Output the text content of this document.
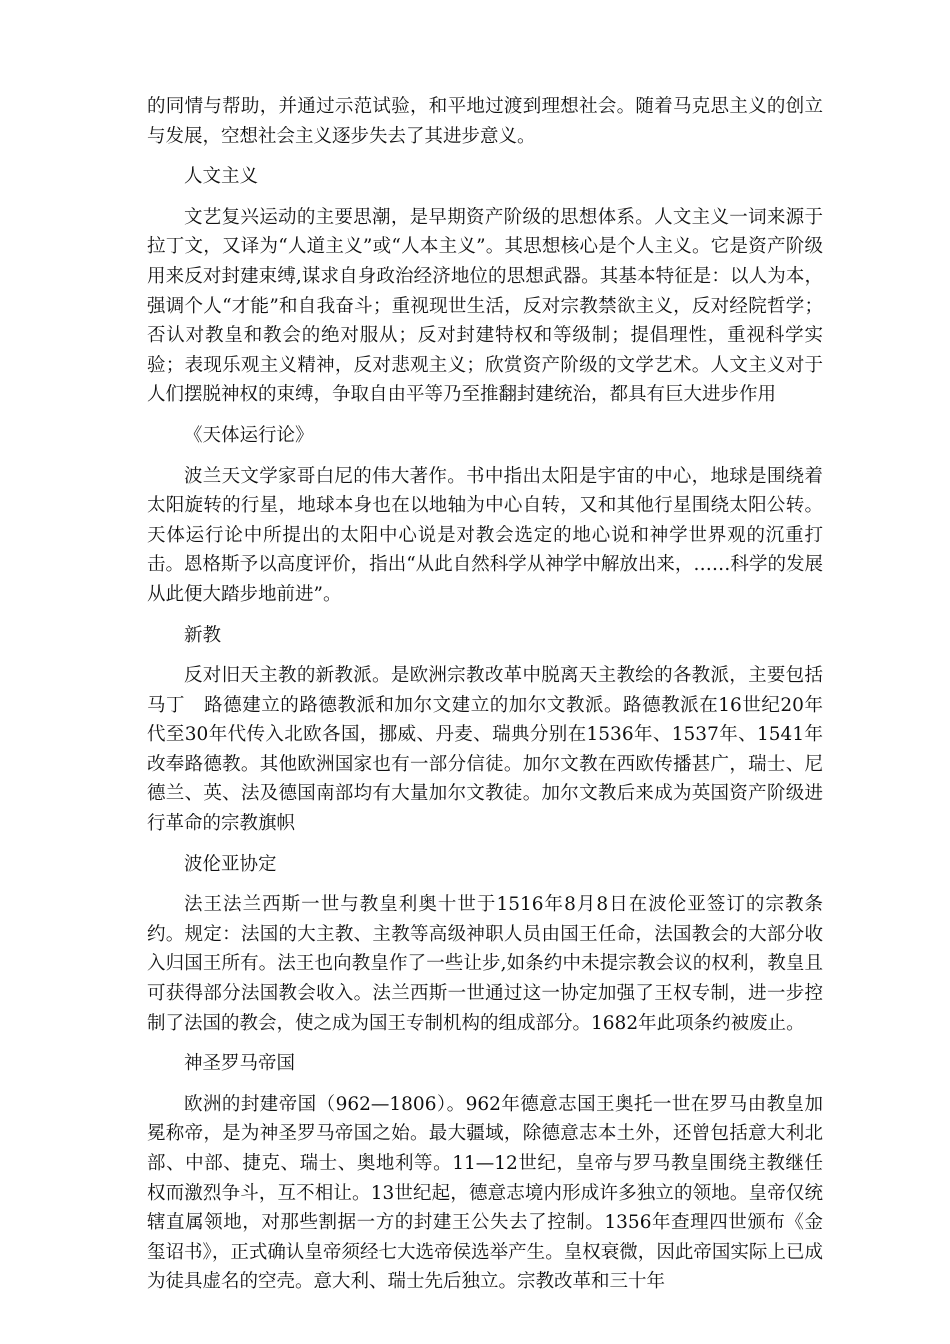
的同情与帮助，并通过示范试验，和平地过渡到理想社会。随着马克思主义的创立与发展，空想社会主义逐步失去了其进步意义。

人文主义

文艺复兴运动的主要思潮，是早期资产阶级的思想体系。人文主义一词来源于拉丁文，又译为“人道主义”或“人本主义”。其思想核心是个人主义。它是资产阶级用来反对封建束缚,谋求自身政治经济地位的思想武器。其基本特征是：以人为本，强调个人“才能”和自我奋斗；重视现世生活，反对宗教禁欲主义，反对经院哲学；否认对教皇和教会的绝对服从；反对封建特权和等级制；提倡理性，重视科学实验；表现乐观主义精神，反对悲观主义；欣赏资产阶级的文学艺术。人文主义对于人们摆脱神权的束缚，争取自由平等乃至推翻封建统治，都具有巨大进步作用

《天体运行论》

波兰天文学家哥白尼的伟大著作。书中指出太阳是宇宙的中心，地球是围绕着太阳旋转的行星，地球本身也在以地轴为中心自转，又和其他行星围绕太阳公转。天体运行论中所提出的太阳中心说是对教会选定的地心说和神学世界观的沉重打击。恩格斯予以高度评价，指出“从此自然科学从神学中解放出来，……科学的发展从此便大踏步地前进”。

新教

反对旧天主教的新教派。是欧洲宗教改革中脱离天主教绘的各教派，主要包括马丁　路德建立的路德教派和加尔文建立的加尔文教派。路德教派在16世纪20年代至30年代传入北欧各国，挪威、丹麦、瑞典分别在1536年、1537年、1541年改奉路德教。其他欧洲国家也有一部分信徒。加尔文教在西欧传播甚广，瑞士、尼德兰、英、法及德国南部均有大量加尔文教徒。加尔文教后来成为英国资产阶级进行革命的宗教旗帜

波伦亚协定

法王法兰西斯一世与教皇利奥十世于1516年8月8日在波伦亚签订的宗教条约。规定：法国的大主教、主教等高级神职人员由国王任命，法国教会的大部分收入归国王所有。法王也向教皇作了一些让步,如条约中未提宗教会议的权利，教皇且可获得部分法国教会收入。法兰西斯一世通过这一协定加强了王权专制，进一步控制了法国的教会，使之成为国王专制机构的组成部分。1682年此项条约被废止。

神圣罗马帝国

欧洲的封建帝国（962—1806）。962年德意志国王奥托一世在罗马由教皇加冕称帝，是为神圣罗马帝国之始。最大疆域，除德意志本土外，还曾包括意大利北部、中部、捷克、瑞士、奥地利等。11—12世纪，皇帝与罗马教皇围绕主教继任权而激烈争斗，互不相让。13世纪起，德意志境内形成许多独立的领地。皇帝仅统辖直属领地，对那些割据一方的封建王公失去了控制。1356年查理四世颁布《金玺诏书》，正式确认皇帝须经七大选帝侯选举产生。皇权衰微，因此帝国实际上已成为徒具虚名的空壳。意大利、瑞士先后独立。宗教改革和三十年
